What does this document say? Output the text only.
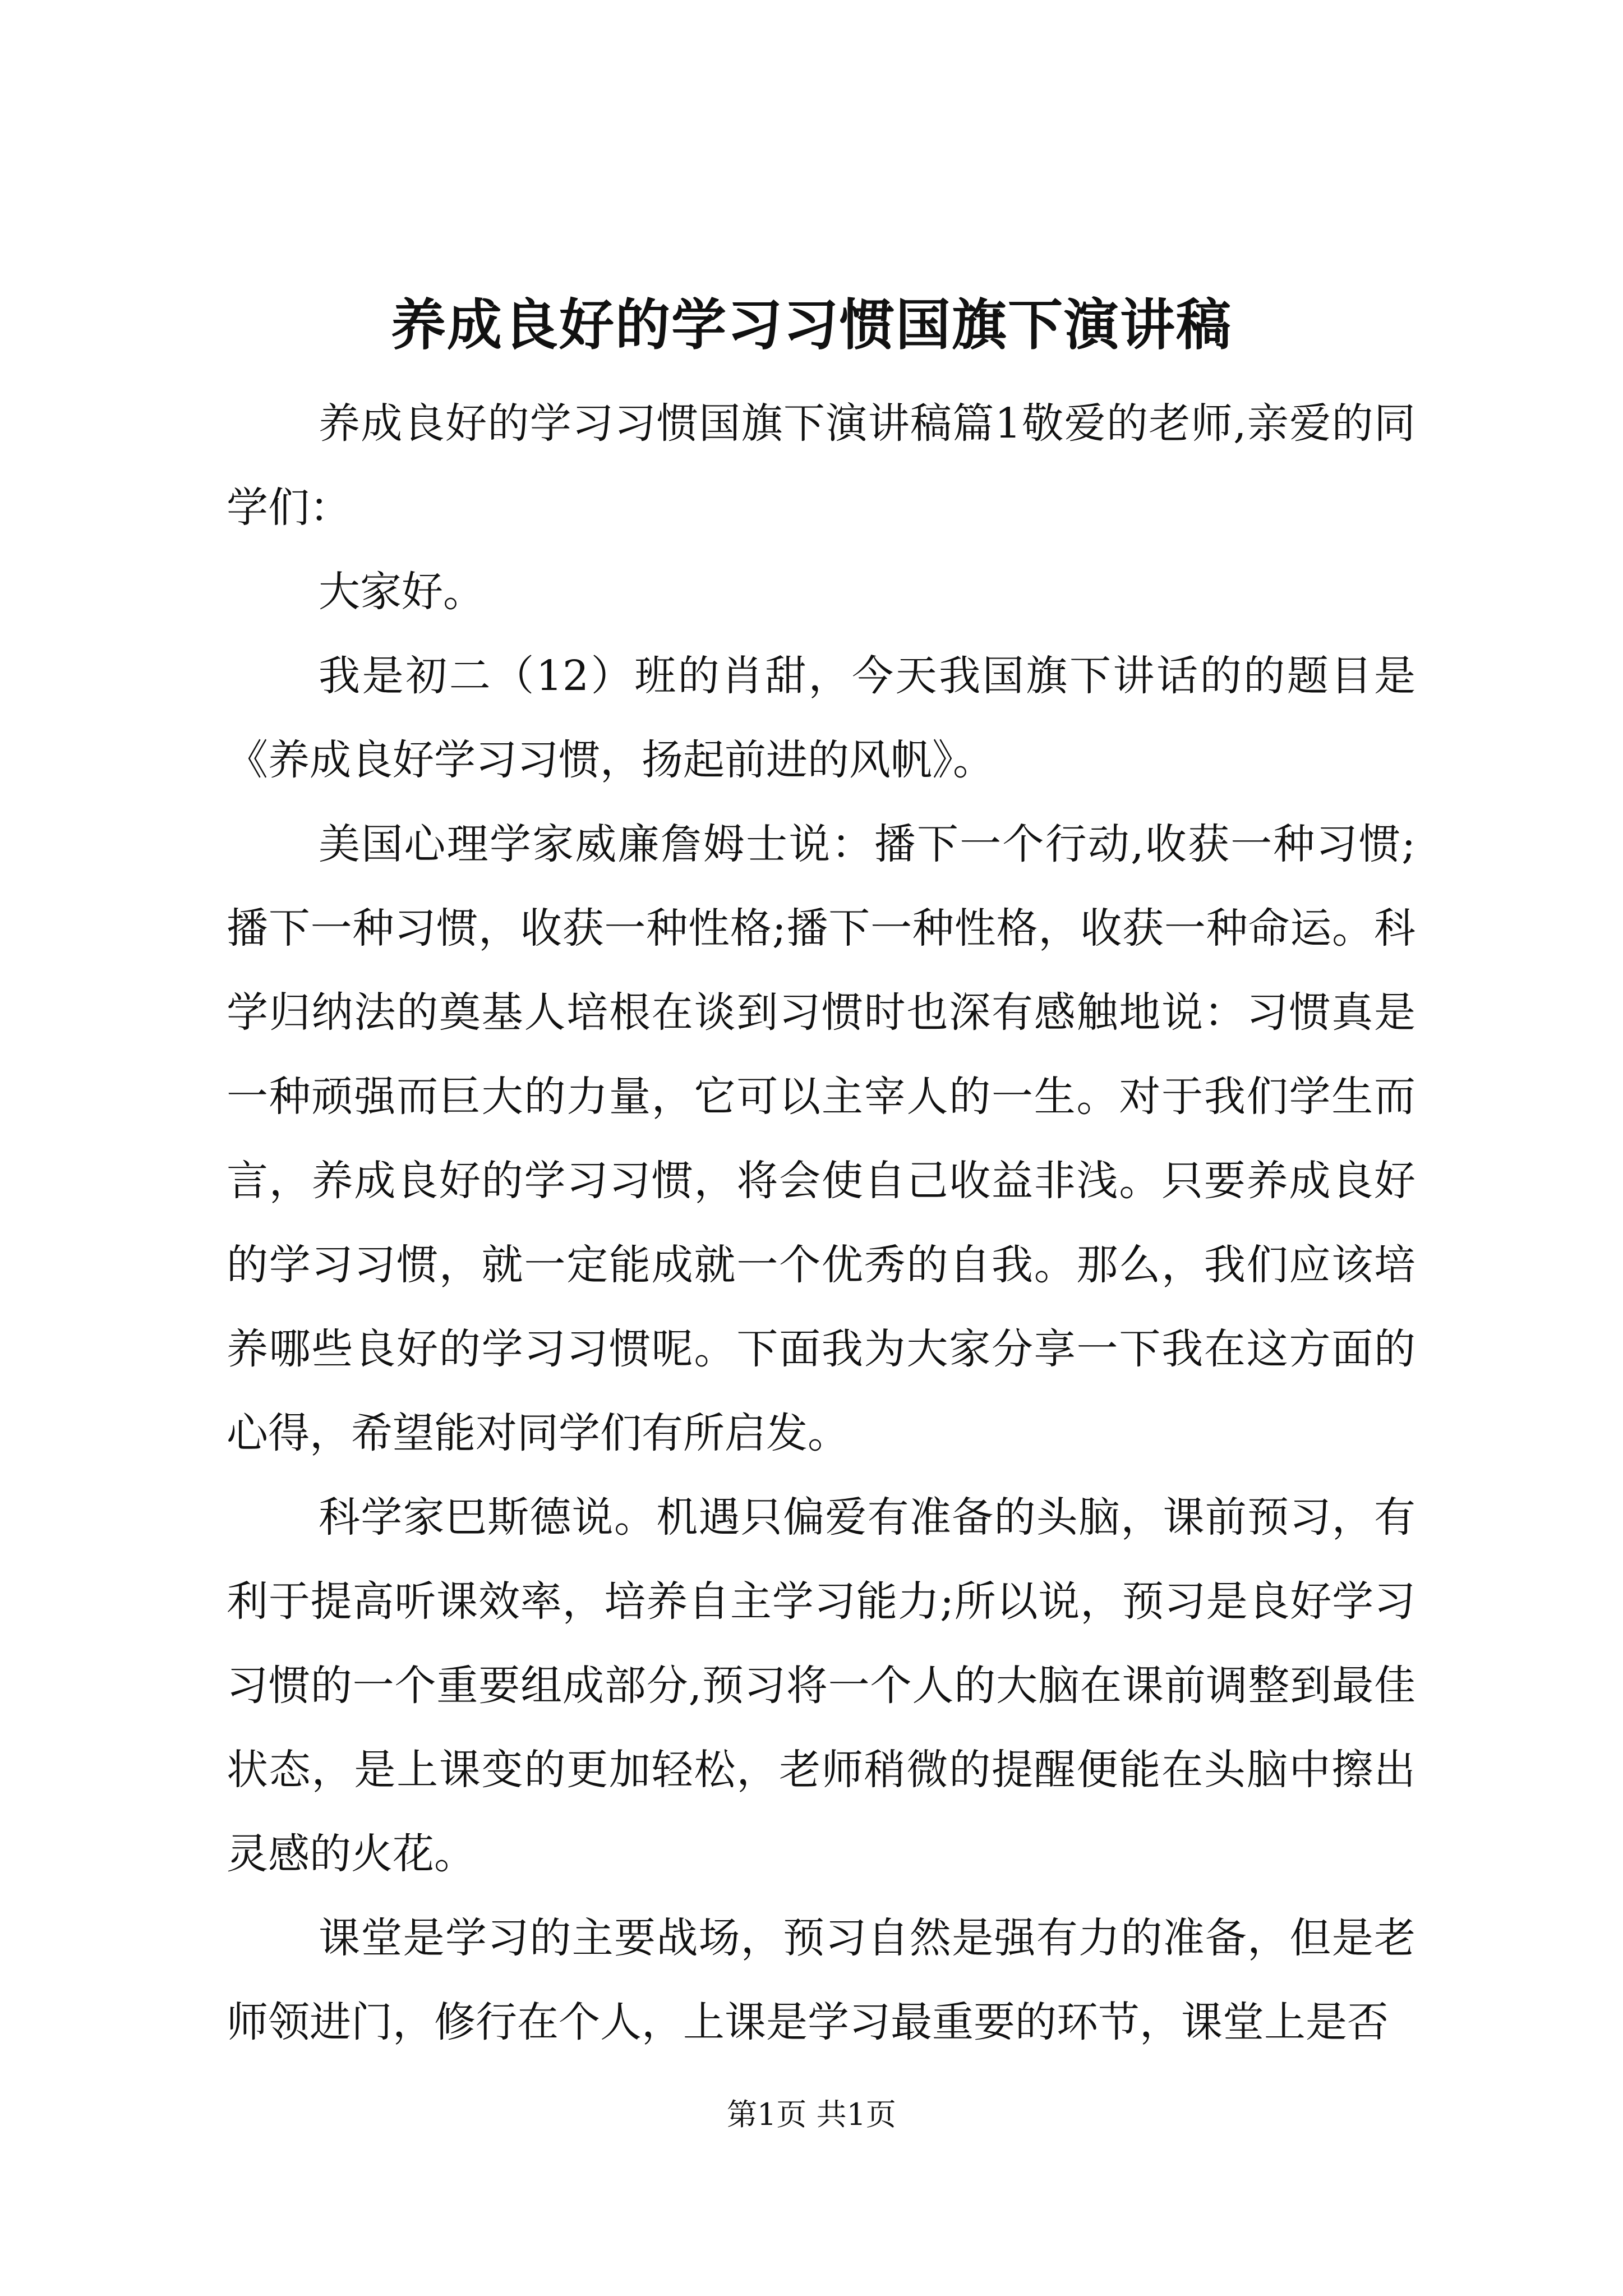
养成良好的学习习惯国旗下演讲稿

养成良好的学习习惯国旗下演讲稿篇1敬爱的老师,亲爱的同学们：

大家好。

我是初二（12）班的肖甜，今天我国旗下讲话的的题目是《养成良好学习习惯，扬起前进的风帆》。

美国心理学家威廉詹姆士说：播下一个行动,收获一种习惯;播下一种习惯，收获一种性格;播下一种性格，收获一种命运。科学归纳法的奠基人培根在谈到习惯时也深有感触地说：习惯真是一种顽强而巨大的力量，它可以主宰人的一生。对于我们学生而言，养成良好的学习习惯，将会使自己收益非浅。只要养成良好的学习习惯，就一定能成就一个优秀的自我。那么，我们应该培养哪些良好的学习习惯呢。下面我为大家分享一下我在这方面的心得，希望能对同学们有所启发。

科学家巴斯德说。机遇只偏爱有准备的头脑，课前预习，有利于提高听课效率，培养自主学习能力;所以说，预习是良好学习习惯的一个重要组成部分,预习将一个人的大脑在课前调整到最佳状态，是上课变的更加轻松，老师稍微的提醒便能在头脑中擦出灵感的火花。

课堂是学习的主要战场，预习自然是强有力的准备，但是老师领进门，修行在个人，上课是学习最重要的环节，课堂上是否

第1页 共1页
